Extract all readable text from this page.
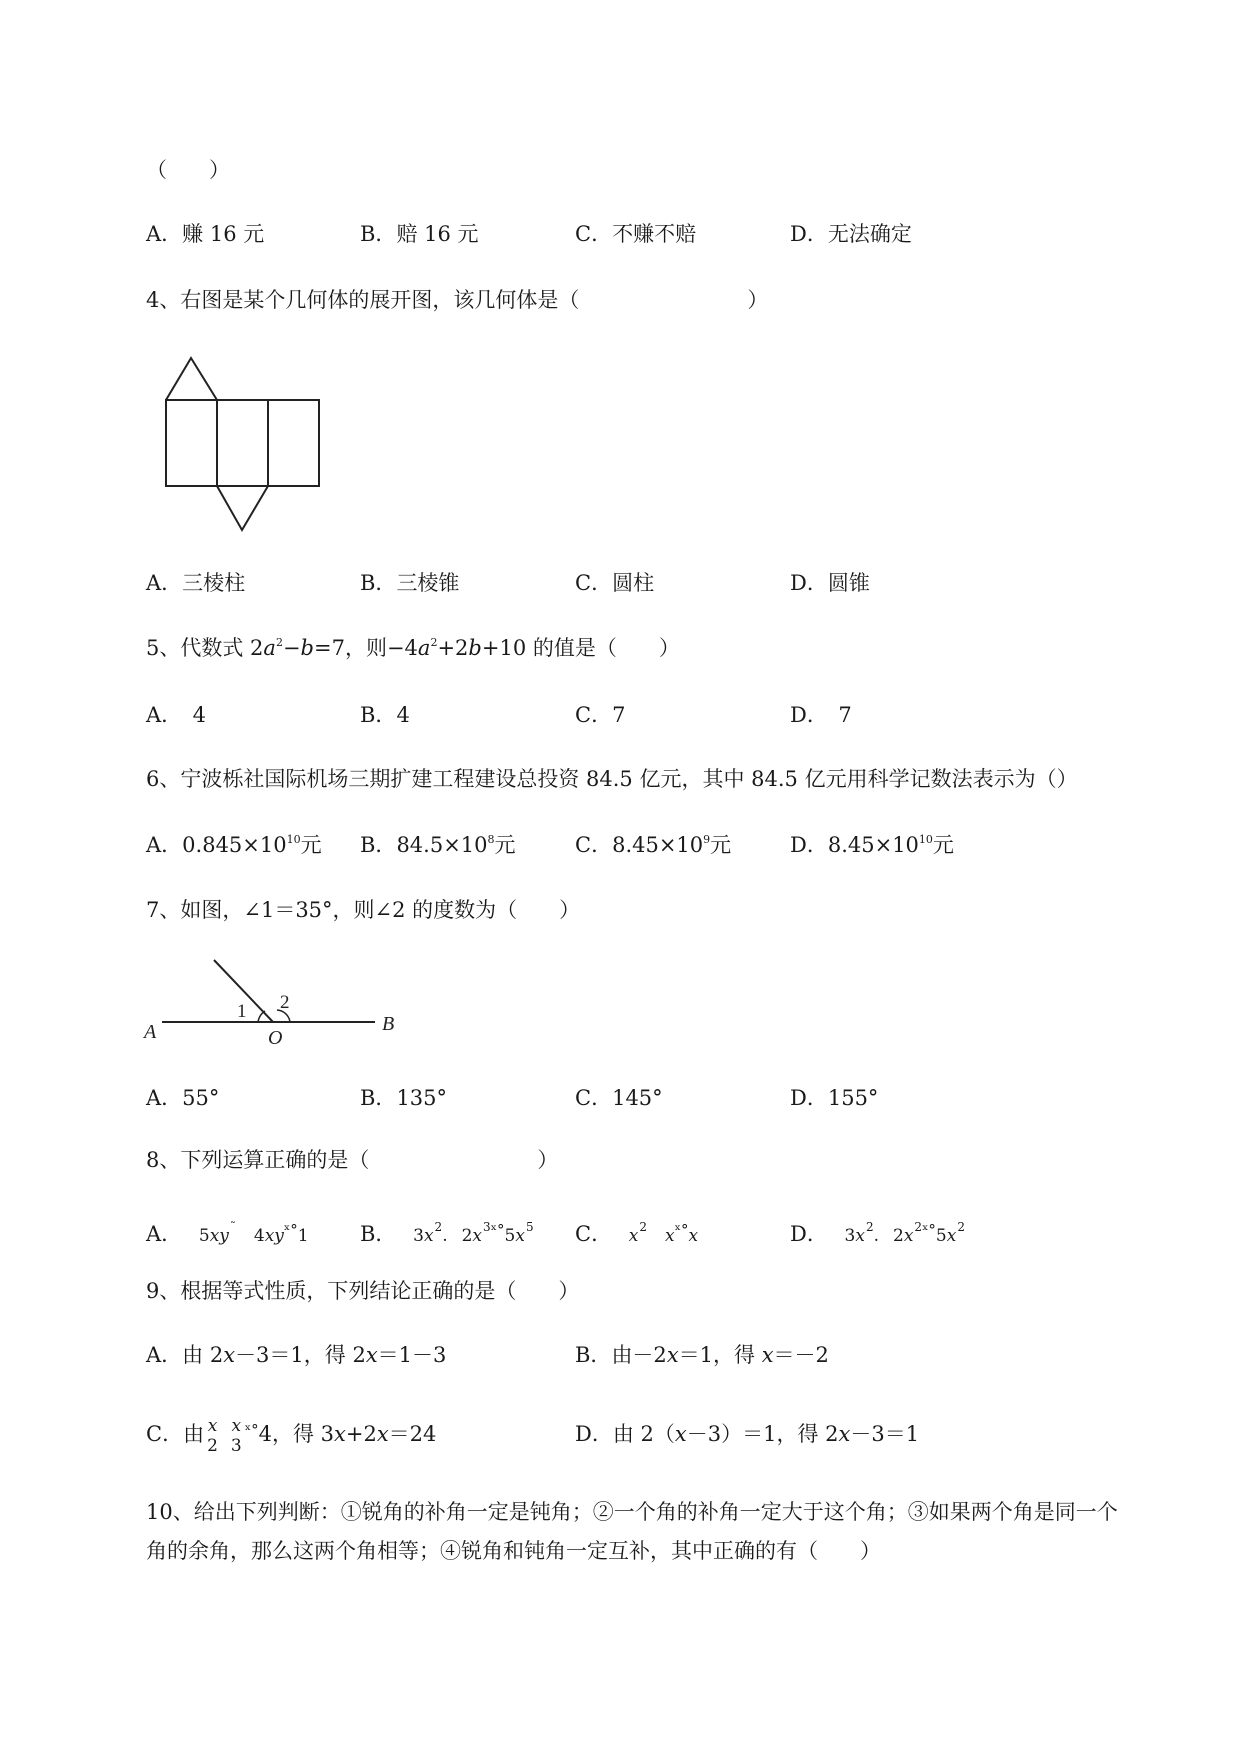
（　　）
A．赚 16 元	B．赔 16 元	C．不赚不赔	D．无法确定
4、右图是某个几何体的展开图，该几何体是（　　　　　　　　）
A．三棱柱	B．三棱锥	C．圆柱	D．圆锥
5、代数式 $2a^2-b=7$，则$-4a^2+2b+10$ 的值是（　　）
A．　4	B．4	C．7	D．　7
6、宁波栎社国际机场三期扩建工程建设总投资 84.5 亿元，其中 84.5 亿元用科学记数法表示为（）
A．$0.845\times 10^{10}$元 B．$84.5\times 10^8$元	C．$8.45\times 10^9$元	D．$8.45\times 10^{10}$元
7、如图，∠1＝35°，则∠2 的度数为（　　）
A	O
B
1 2
A．55°	B．135°	C．145°	D．155°
8、下列运算正确的是（　　　　　　　　）
A． 5xy˜ $4xy^{ˣ^\circ}1$ B． $3x^2$. $2x^{3ˣ^\circ}5x^5$ C． $x^2$ $x^{ˣ^\circ}x$	D． $3x^2$. $2x^{2ˣ^\circ}5x^2$
9、根据等式性质，下列结论正确的是（　　）
A．由 2x－3＝1，得 2x＝1－3	B．由－2x＝1，得 x＝－2
C．由 x
2
x
3
$^{ˣ^\circ}$4，得 3x+2x＝24	D．由 2（x－3）＝1，得 2x－3＝1
10、给出下列判断：①锐角的补角一定是钝角；②一个角的补角一定大于这个角；③如果两个角是同一个
角的余角，那么这两个角相等；④锐角和钝角一定互补，其中正确的有（　　）
